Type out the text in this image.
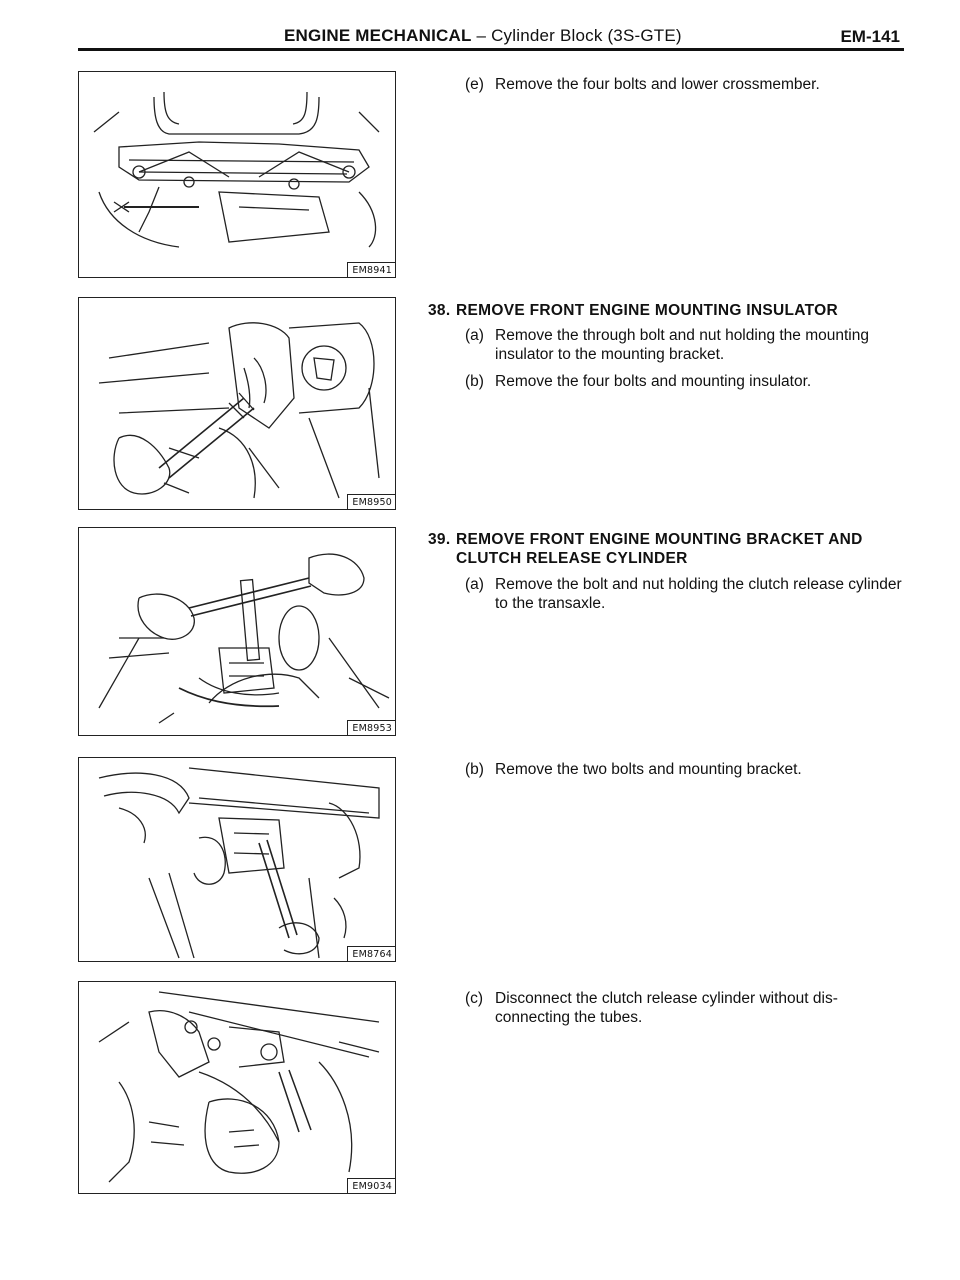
ENGINE MECHANICAL – Cylinder Block (3S-GTE)	EM-141
EM8941
EM8950
EM8953
EM8764
EM9034
(e) Remove the four bolts and lower crossmember.
38. REMOVE FRONT ENGINE MOUNTING INSULATOR
(a) Remove the through bolt and nut holding the mounting insulator to the mounting bracket.
(b) Remove the four bolts and mounting insulator.
39. REMOVE FRONT ENGINE MOUNTING BRACKET AND
CLUTCH RELEASE CYLINDER
(a) Remove the bolt and nut holding the clutch release cylinder to the transaxle.
(b) Remove the two bolts and mounting bracket.
(c) Disconnect the clutch release cylinder without dis-connecting the tubes.
